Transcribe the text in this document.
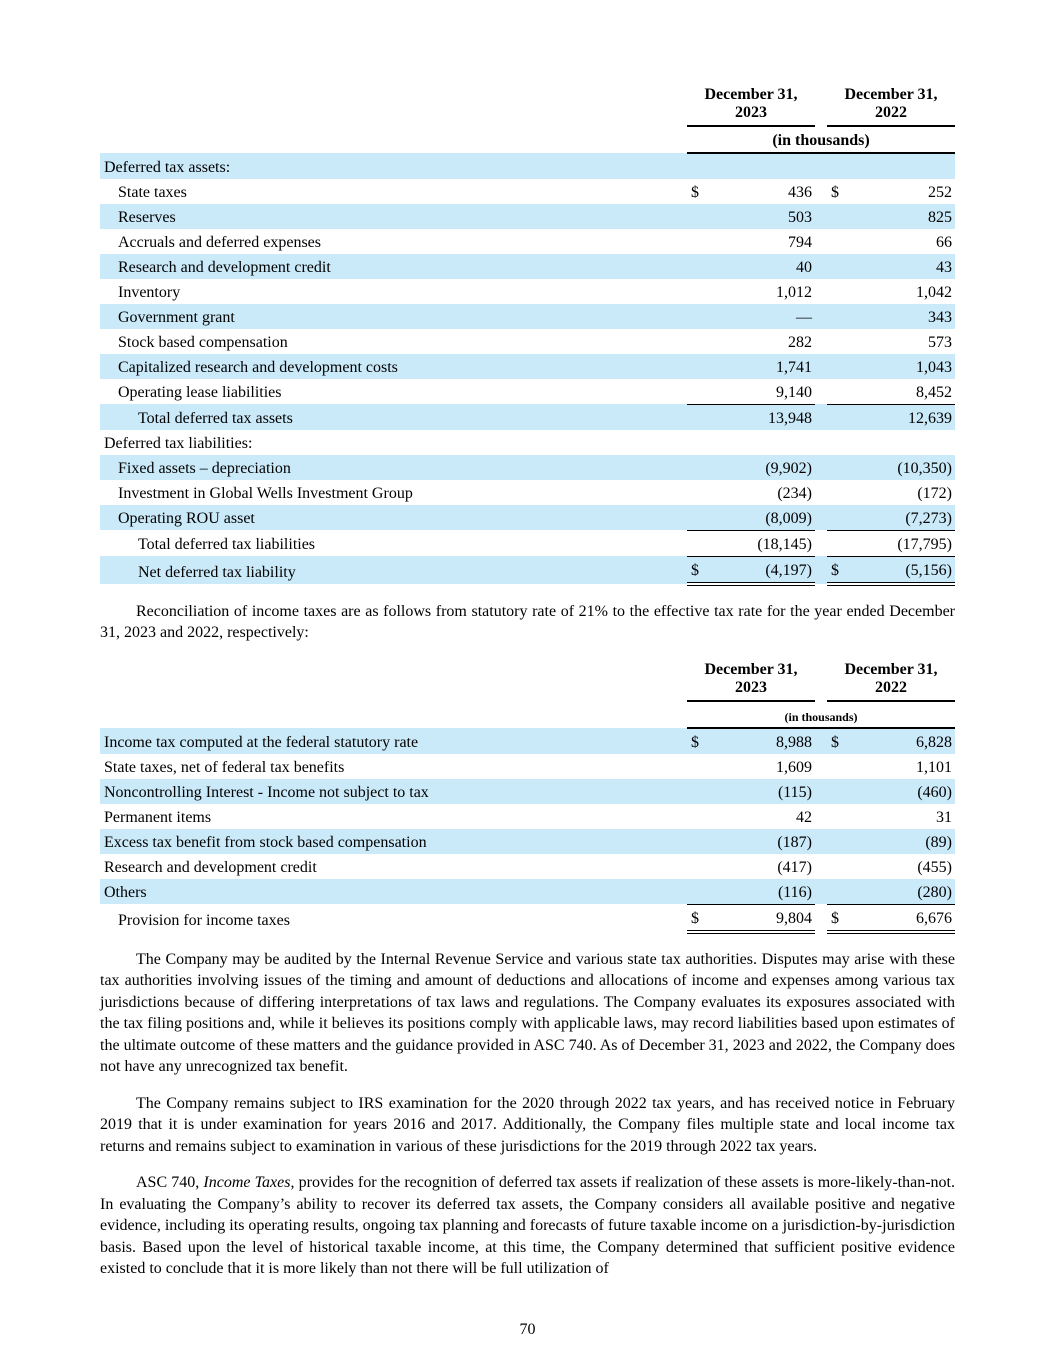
December 31,
2023

December 31,
2022

	(in thousands)				
Deferred tax assets:					
State taxes	$	436		$	252
Reserves		503			825
Accruals and deferred expenses		794			66
Research and development credit		40			43
Inventory		1,012			1,042
Government grant		—			343
Stock based compensation		282			573
Capitalized research and development costs		1,741			1,043
Operating lease liabilities		9,140			8,452
Total deferred tax assets		13,948			12,639
Deferred tax liabilities:					
Fixed assets – depreciation		(9,902)			(10,350)
Investment in Global Wells Investment Group		(234)			(172)
Operating ROU asset		(8,009)			(7,273)
Total deferred tax liabilities		(18,145)			(17,795)
Net deferred tax liability	$	(4,197)		$	(5,156)

Reconciliation of income taxes are as follows from statutory rate of 21% to the effective tax rate for the year ended December 31, 2023 and 2022, respectively:

December 31,
2023

December 31,
2022

	(in thousands)				
Income tax computed at the federal statutory rate	$	8,988		$	6,828
State taxes, net of federal tax benefits		1,609			1,101
Noncontrolling Interest - Income not subject to tax		(115)			(460)
Permanent items		42			31
Excess tax benefit from stock based compensation		(187)			(89)
Research and development credit		(417)			(455)
Others		(116)			(280)
Provision for income taxes	$	9,804		$	6,676

The Company may be audited by the Internal Revenue Service and various state tax authorities. Disputes may arise with these tax authorities involving issues of the timing and amount of deductions and allocations of income and expenses among various tax jurisdictions because of differing interpretations of tax laws and regulations. The Company evaluates its exposures associated with the tax filing positions and, while it believes its positions comply with applicable laws, may record liabilities based upon estimates of the ultimate outcome of these matters and the guidance provided in ASC 740. As of December 31, 2023 and 2022, the Company does not have any unrecognized tax benefit.

The Company remains subject to IRS examination for the 2020 through 2022 tax years, and has received notice in February 2019 that it is under examination for years 2016 and 2017. Additionally, the Company files multiple state and local income tax returns and remains subject to examination in various of these jurisdictions for the 2019 through 2022 tax years.

ASC 740, Income Taxes, provides for the recognition of deferred tax assets if realization of these assets is more-likely-than-not. In evaluating the Company’s ability to recover its deferred tax assets, the Company considers all available positive and negative evidence, including its operating results, ongoing tax planning and forecasts of future taxable income on a jurisdiction-by-jurisdiction basis. Based upon the level of historical taxable income, at this time, the Company determined that sufficient positive evidence existed to conclude that it is more likely than not there will be full utilization of

70
